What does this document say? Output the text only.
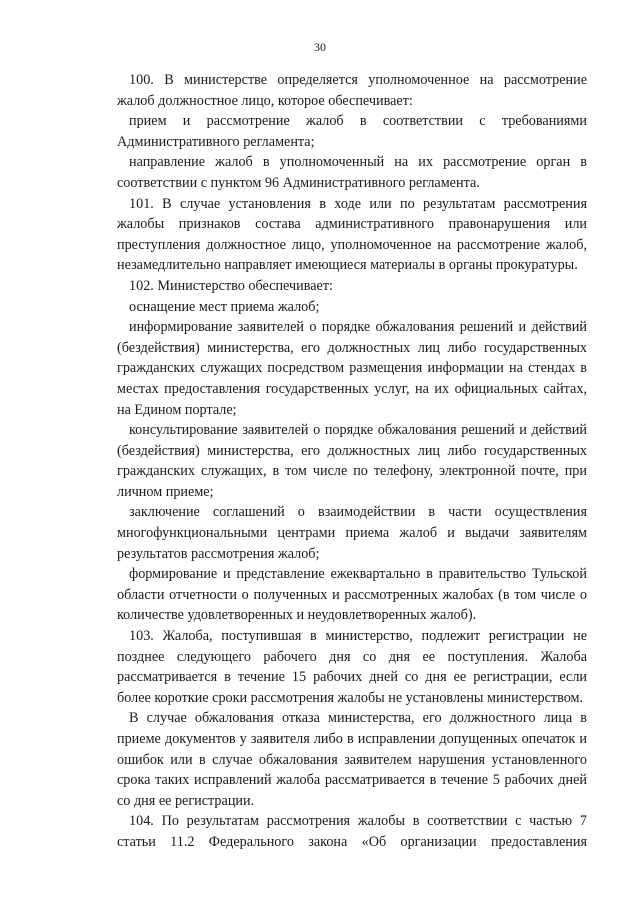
30

100. В министерстве определяется уполномоченное на рассмотрение жалоб должностное лицо, которое обеспечивает:

прием и рассмотрение жалоб в соответствии с требованиями Административного регламента;

направление жалоб в уполномоченный на их рассмотрение орган в соответствии с пунктом 96 Административного регламента.

101. В случае установления в ходе или по результатам рассмотрения жалобы признаков состава административного правонарушения или преступления должностное лицо, уполномоченное на рассмотрение жалоб, незамедлительно направляет имеющиеся материалы в органы прокуратуры.

102. Министерство обеспечивает:

оснащение мест приема жалоб;

информирование заявителей о порядке обжалования решений и действий (бездействия) министерства, его должностных лиц либо государственных гражданских служащих посредством размещения информации на стендах в местах предоставления государственных услуг, на их официальных сайтах, на Едином портале;

консультирование заявителей о порядке обжалования решений и действий (бездействия) министерства, его должностных лиц либо государственных гражданских служащих, в том числе по телефону, электронной почте, при личном приеме;

заключение соглашений о взаимодействии в части осуществления многофункциональными центрами приема жалоб и выдачи заявителям результатов рассмотрения жалоб;

формирование и представление ежеквартально в правительство Тульской области отчетности о полученных и рассмотренных жалобах (в том числе о количестве удовлетворенных и неудовлетворенных жалоб).

103. Жалоба, поступившая в министерство, подлежит регистрации не позднее следующего рабочего дня со дня ее поступления. Жалоба рассматривается в течение 15 рабочих дней со дня ее регистрации, если более короткие сроки рассмотрения жалобы не установлены министерством.

В случае обжалования отказа министерства, его должностного лица в приеме документов у заявителя либо в исправлении допущенных опечаток и ошибок или в случае обжалования заявителем нарушения установленного срока таких исправлений жалоба рассматривается в течение 5 рабочих дней со дня ее регистрации.

104. По результатам рассмотрения жалобы в соответствии с частью 7 статьи 11.2 Федерального закона «Об организации предоставления
